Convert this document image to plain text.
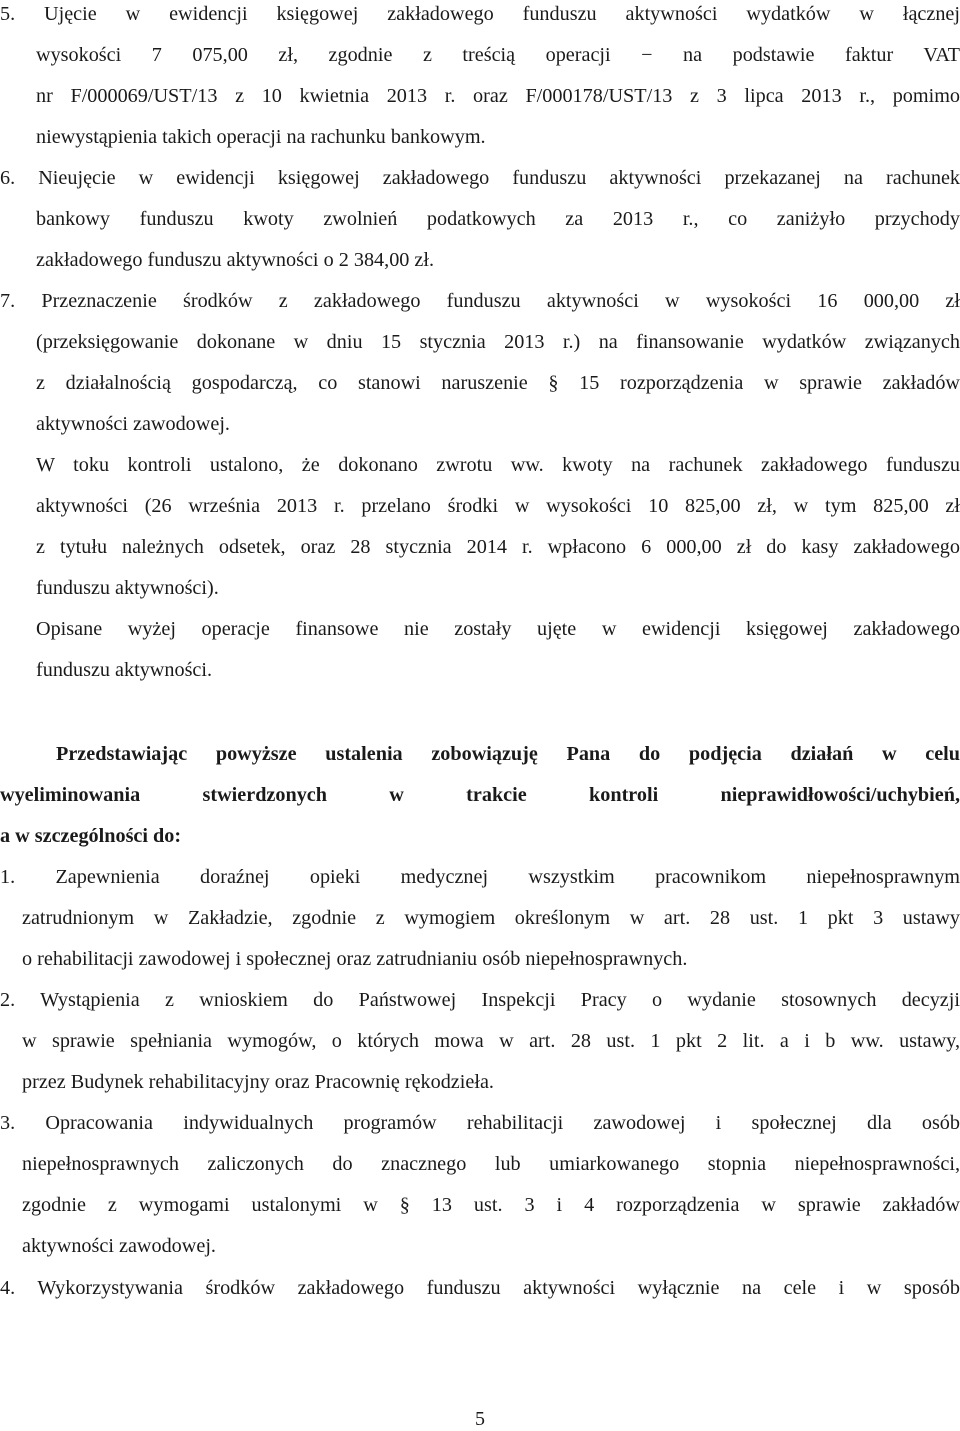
5. Ujęcie w ewidencji księgowej zakładowego funduszu aktywności wydatków w łącznej
wysokości 7 075,00 zł, zgodnie z treścią operacji − na podstawie faktur VAT
nr F/000069/UST/13 z 10 kwietnia 2013 r. oraz F/000178/UST/13 z 3 lipca 2013 r., pomimo
niewystąpienia takich operacji na rachunku bankowym.
6. Nieujęcie w ewidencji księgowej zakładowego funduszu aktywności przekazanej na rachunek
bankowy funduszu kwoty zwolnień podatkowych za 2013 r., co zaniżyło przychody
zakładowego funduszu aktywności o 2 384,00 zł.
7. Przeznaczenie środków z zakładowego funduszu aktywności w wysokości 16 000,00 zł
(przeksięgowanie dokonane w dniu 15 stycznia 2013 r.) na finansowanie wydatków związanych
z działalnością gospodarczą, co stanowi naruszenie § 15 rozporządzenia w sprawie zakładów
aktywności zawodowej.
W toku kontroli ustalono, że dokonano zwrotu ww. kwoty na rachunek zakładowego funduszu
aktywności (26 września 2013 r. przelano środki w wysokości 10 825,00 zł, w tym 825,00 zł
z tytułu należnych odsetek, oraz 28 stycznia 2014 r. wpłacono 6 000,00 zł do kasy zakładowego
funduszu aktywności).
Opisane wyżej operacje finansowe nie zostały ujęte w ewidencji księgowej zakładowego
funduszu aktywności.
Przedstawiając powyższe ustalenia zobowiązuję Pana do podjęcia działań w celu
wyeliminowania stwierdzonych w trakcie kontroli nieprawidłowości/uchybień,
a w szczególności do:
1. Zapewnienia doraźnej opieki medycznej wszystkim pracownikom niepełnosprawnym
zatrudnionym w Zakładzie, zgodnie z wymogiem określonym w art. 28 ust. 1 pkt 3 ustawy
o rehabilitacji zawodowej i społecznej oraz zatrudnianiu osób niepełnosprawnych.
2. Wystąpienia z wnioskiem do Państwowej Inspekcji Pracy o wydanie stosownych decyzji
w sprawie spełniania wymogów, o których mowa w art. 28 ust. 1 pkt 2 lit. a i b ww. ustawy,
przez Budynek rehabilitacyjny oraz Pracownię rękodzieła.
3. Opracowania indywidualnych programów rehabilitacji zawodowej i społecznej dla osób
niepełnosprawnych zaliczonych do znacznego lub umiarkowanego stopnia niepełnosprawności,
zgodnie z wymogami ustalonymi w § 13 ust. 3 i 4 rozporządzenia w sprawie zakładów
aktywności zawodowej.
4. Wykorzystywania środków zakładowego funduszu aktywności wyłącznie na cele i w sposób
5
